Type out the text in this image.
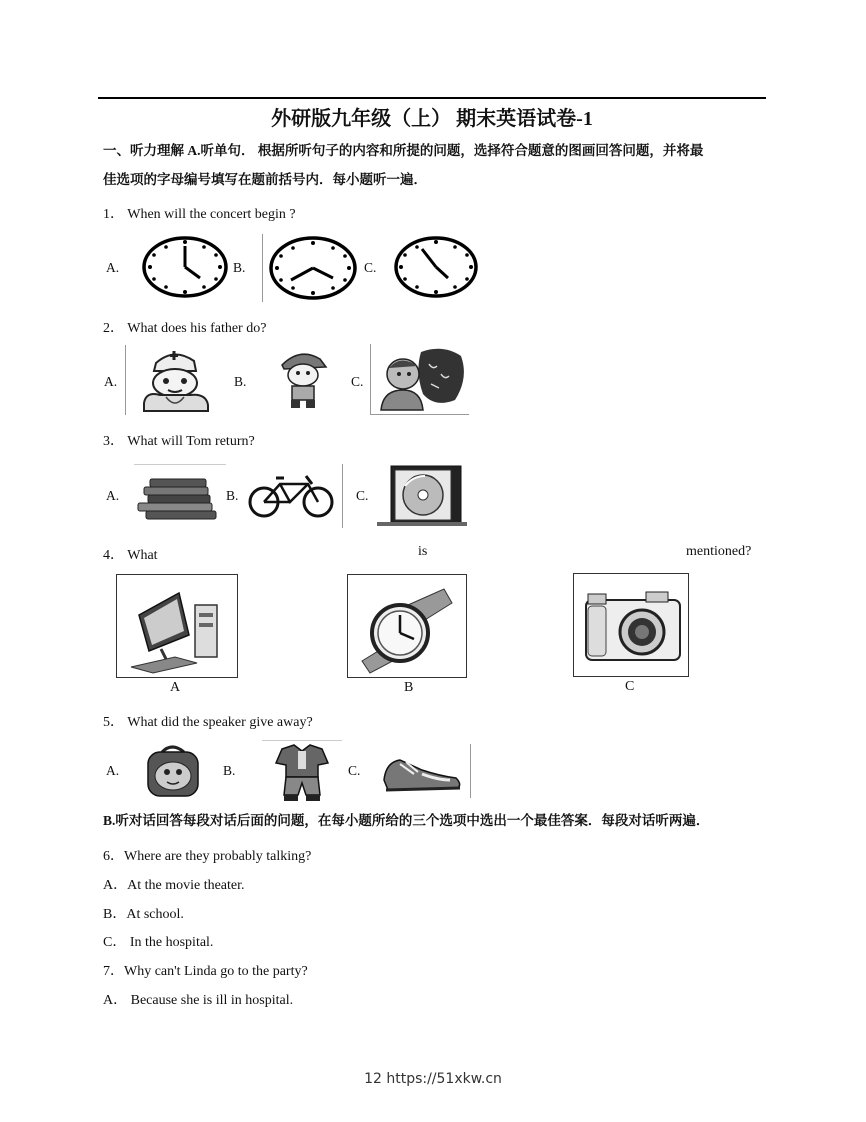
外研版九年级（上） 期末英语试卷-1
一、听力理解 A.听单句． 根据所听句子的内容和所提的问题，选择符合题意的图画回答问题，并将最
佳选项的字母编号填写在题前括号内．每小题听一遍．
1． When will the concert begin ?
A.	B.	C.
2． What does his father do?
A.	B.	C.
3． What will Tom return?
A.	B.	C.
4． What	is	mentioned?
A	B	C
5． What did the speaker give away?
A.	B.	C.
B.听对话回答每段对话后面的问题，在每小题所给的三个选项中选出一个最佳答案．每段对话听两遍．
6．Where are they probably talking?
A．At the movie theater.
B．At school.
C． In the hospital.
7．Why can't Linda go to the party?
A． Because she is ill in hospital.
12 https://51xkw.cn
